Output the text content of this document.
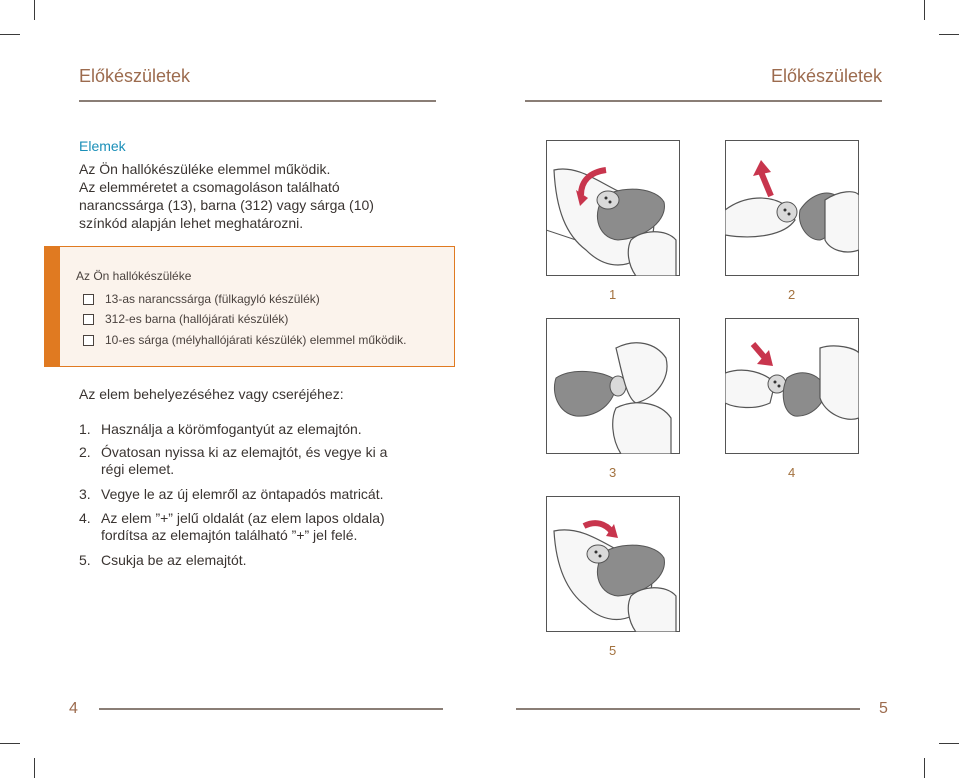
Előkészületek	Előkészületek
Elemek
Az Ön hallókészüléke elemmel működik.
Az elemméretet a csomagoláson található
narancssárga (13), barna (312) vagy sárga (10)
színkód alapján lehet meghatározni.
Az Ön hallókészüléke
13-as narancssárga (fülkagyló készülék)
312-es barna (hallójárati készülék)
10-es sárga (mélyhallójárati készülék) elemmel működik.
Az elem behelyezéséhez vagy cseréjéhez:
1. Használja a körömfogantyút az elemajtón.
2. Óvatosan nyissa ki az elemajtót, és vegye ki a
régi elemet.
3. Vegye le az új elemről az öntapadós matricát.
4. Az elem ”+” jelű oldalát (az elem lapos oldala)
fordítsa az elemajtón található ”+” jel felé.
5. Csukja be az elemajtót.
1	2
3	4
5
4	5
